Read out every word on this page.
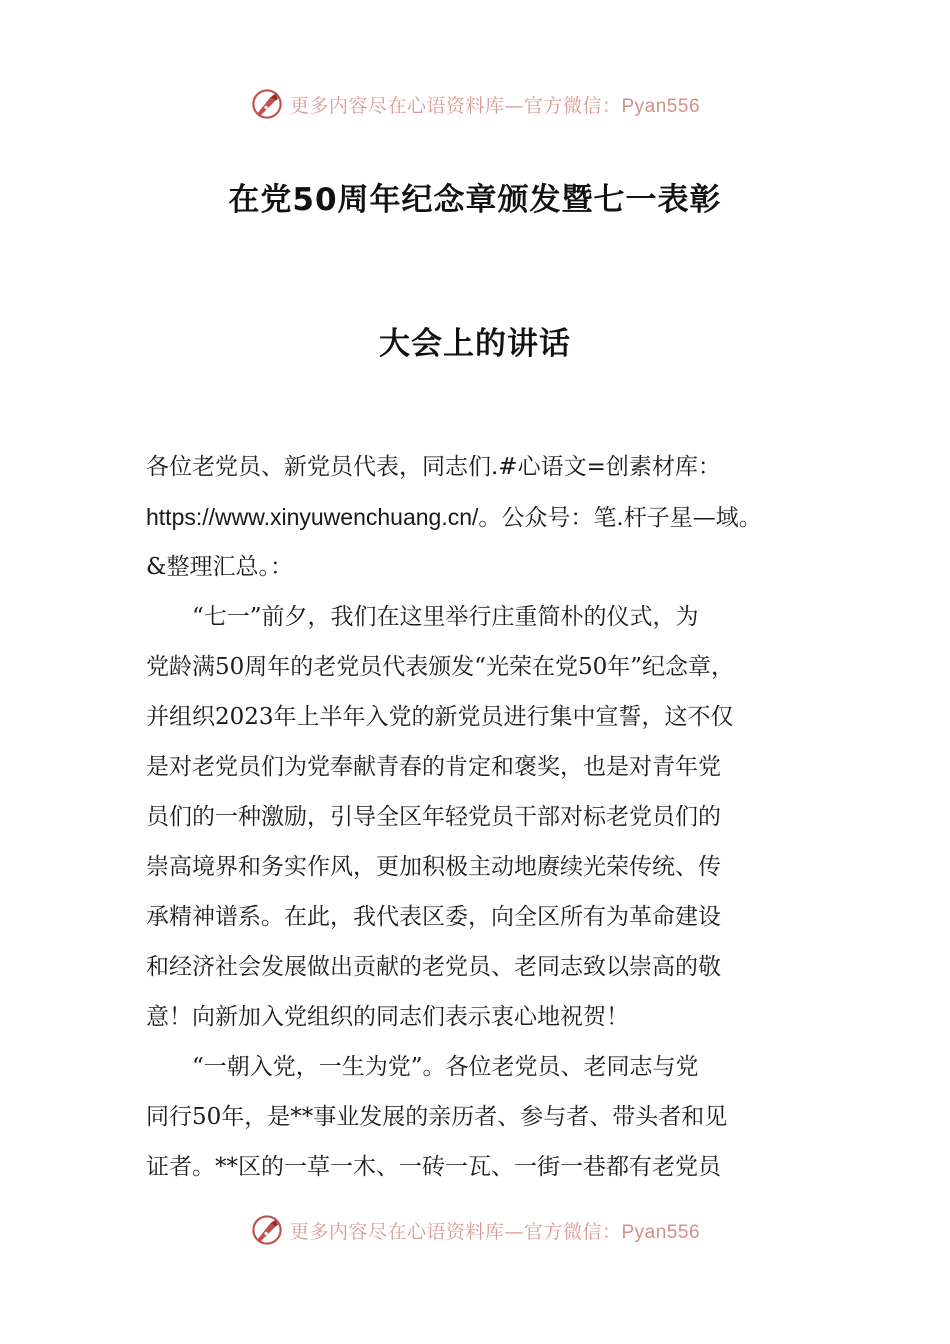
更多内容尽在心语资料库—官方微信：Pyan556
在党50周年纪念章颁发暨七一表彰
大会上的讲话
各位老党员、新党员代表，同志们.#心语文=创素材库：
https://www.xinyuwenchuang.cn/。公众号：笔.杆子星—域。
&整理汇总。：
“七一”前夕，我们在这里举行庄重简朴的仪式，为
党龄满50周年的老党员代表颁发“光荣在党50年”纪念章，
并组织2023年上半年入党的新党员进行集中宣誓，这不仅
是对老党员们为党奉献青春的肯定和褒奖，也是对青年党
员们的一种激励，引导全区年轻党员干部对标老党员们的
崇高境界和务实作风，更加积极主动地赓续光荣传统、传
承精神谱系。在此，我代表区委，向全区所有为革命建设
和经济社会发展做出贡献的老党员、老同志致以崇高的敬
意！向新加入党组织的同志们表示衷心地祝贺！
“一朝入党，一生为党”。各位老党员、老同志与党
同行50年，是**事业发展的亲历者、参与者、带头者和见
证者。**区的一草一木、一砖一瓦、一街一巷都有老党员
更多内容尽在心语资料库—官方微信：Pyan556
